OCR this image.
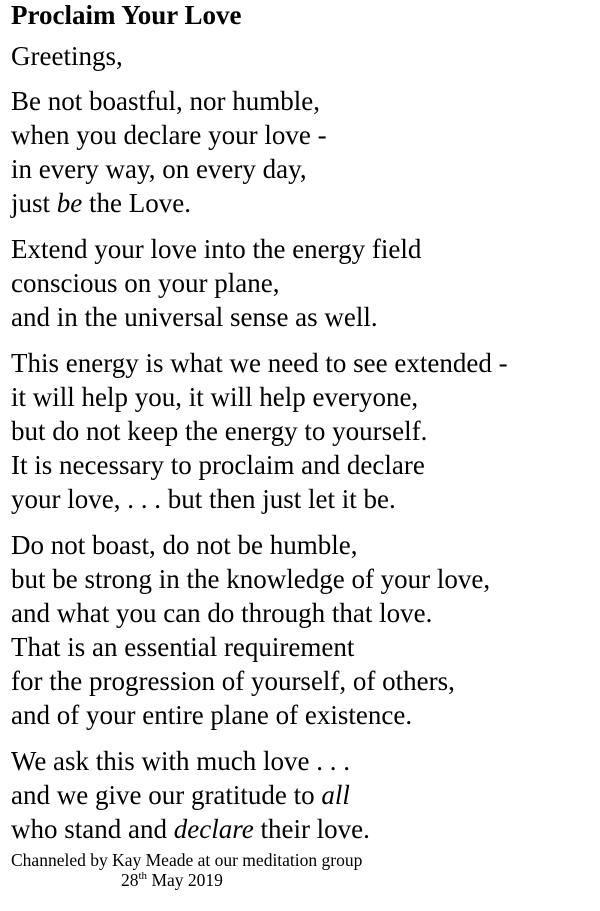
Proclaim Your Love

Greetings,

Be not boastful, nor humble,
when you declare your love -
in every way, on every day,
just be the Love.
Extend your love into the energy field
conscious on your plane,
and in the universal sense as well.
This energy is what we need to see extended -
it will help you, it will help everyone,
but do not keep the energy to yourself.
It is necessary to proclaim and declare
your love, . . . but then just let it be.
Do not boast, do not be humble,
but be strong in the knowledge of your love,
and what you can do through that love.
That is an essential requirement
for the progression of yourself, of others,
and of your entire plane of existence.
We ask this with much love . . .
and we give our gratitude to all
who stand and declare their love.
Channeled by Kay Meade at our meditation group
28th May 2019
